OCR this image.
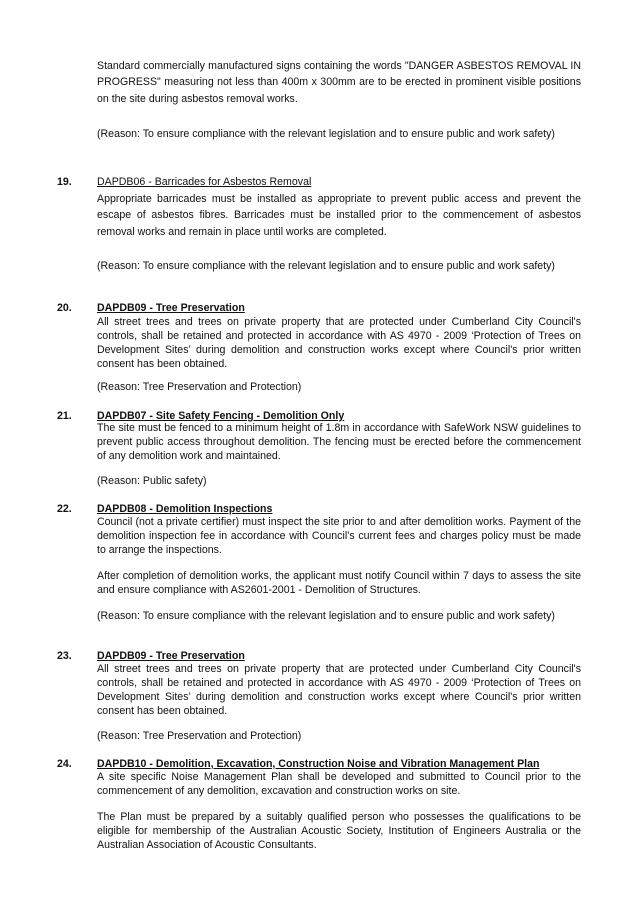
Standard commercially manufactured signs containing the words "DANGER ASBESTOS REMOVAL IN PROGRESS" measuring not less than 400m x 300mm are to be erected in prominent visible positions on the site during asbestos removal works.

(Reason: To ensure compliance with the relevant legislation and to ensure public and work safety)

19. DAPDB06 - Barricades for Asbestos Removal

Appropriate barricades must be installed as appropriate to prevent public access and prevent the escape of asbestos fibres. Barricades must be installed prior to the commencement of asbestos removal works and remain in place until works are completed.

(Reason: To ensure compliance with the relevant legislation and to ensure public and work safety)

20. DAPDB09 - Tree Preservation

All street trees and trees on private property that are protected under Cumberland City Council's controls, shall be retained and protected in accordance with AS 4970 - 2009 ‘Protection of Trees on Development Sites’ during demolition and construction works except where Council's prior written consent has been obtained.

(Reason: Tree Preservation and Protection)

21. DAPDB07 - Site Safety Fencing - Demolition Only

The site must be fenced to a minimum height of 1.8m in accordance with SafeWork NSW guidelines to prevent public access throughout demolition. The fencing must be erected before the commencement of any demolition work and maintained.

(Reason: Public safety)

22. DAPDB08 - Demolition Inspections

Council (not a private certifier) must inspect the site prior to and after demolition works. Payment of the demolition inspection fee in accordance with Council’s current fees and charges policy must be made to arrange the inspections.

After completion of demolition works, the applicant must notify Council within 7 days to assess the site and ensure compliance with AS2601-2001 - Demolition of Structures.

(Reason: To ensure compliance with the relevant legislation and to ensure public and work safety)

23. DAPDB09 - Tree Preservation

All street trees and trees on private property that are protected under Cumberland City Council's controls, shall be retained and protected in accordance with AS 4970 - 2009 ‘Protection of Trees on Development Sites’ during demolition and construction works except where Council's prior written consent has been obtained.

(Reason: Tree Preservation and Protection)

24. DAPDB10 - Demolition, Excavation, Construction Noise and Vibration Management Plan

A site specific Noise Management Plan shall be developed and submitted to Council prior to the commencement of any demolition, excavation and construction works on site.

The Plan must be prepared by a suitably qualified person who possesses the qualifications to be eligible for membership of the Australian Acoustic Society, Institution of Engineers Australia or the Australian Association of Acoustic Consultants.
